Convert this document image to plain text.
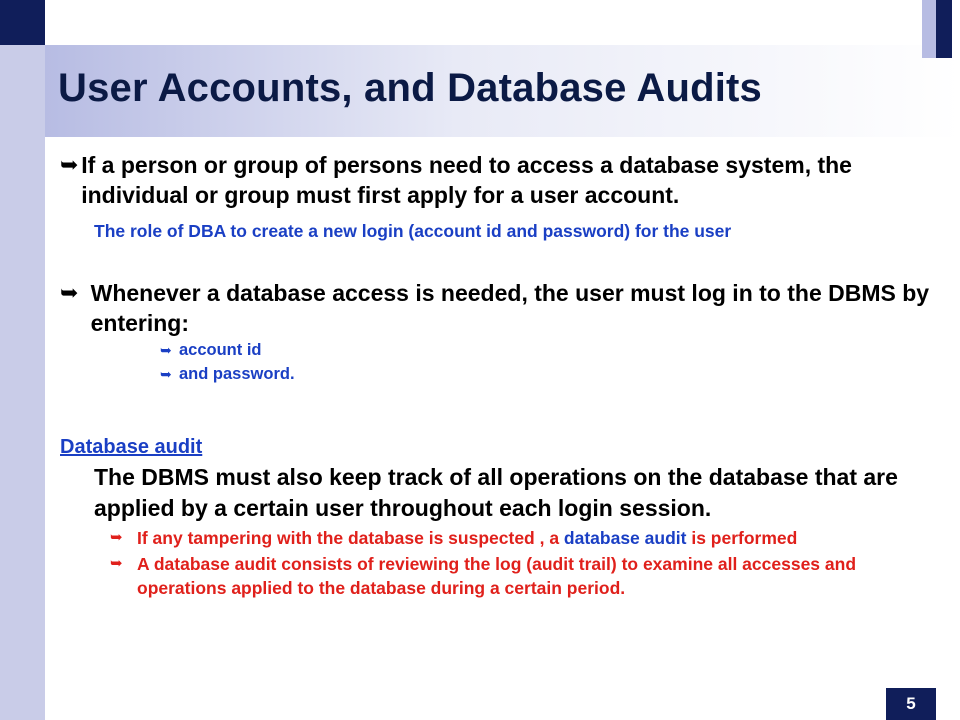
User Accounts, and Database Audits
➥ If a person or group of persons need to access a database system, the individual or group must first apply for a user account.
The role of DBA to create a new login (account id and password) for the user
➥ Whenever a database access is needed, the user must log in to the DBMS by entering:
➥ account id
➥ and password.
Database audit
The DBMS must also keep track of all operations on the database that are applied by a certain user throughout each login session.
➥ If any tampering with the database is suspected , a database audit is performed
➥ A database audit consists of reviewing the log (audit trail) to examine all accesses and operations applied to the database during a certain period.
5
